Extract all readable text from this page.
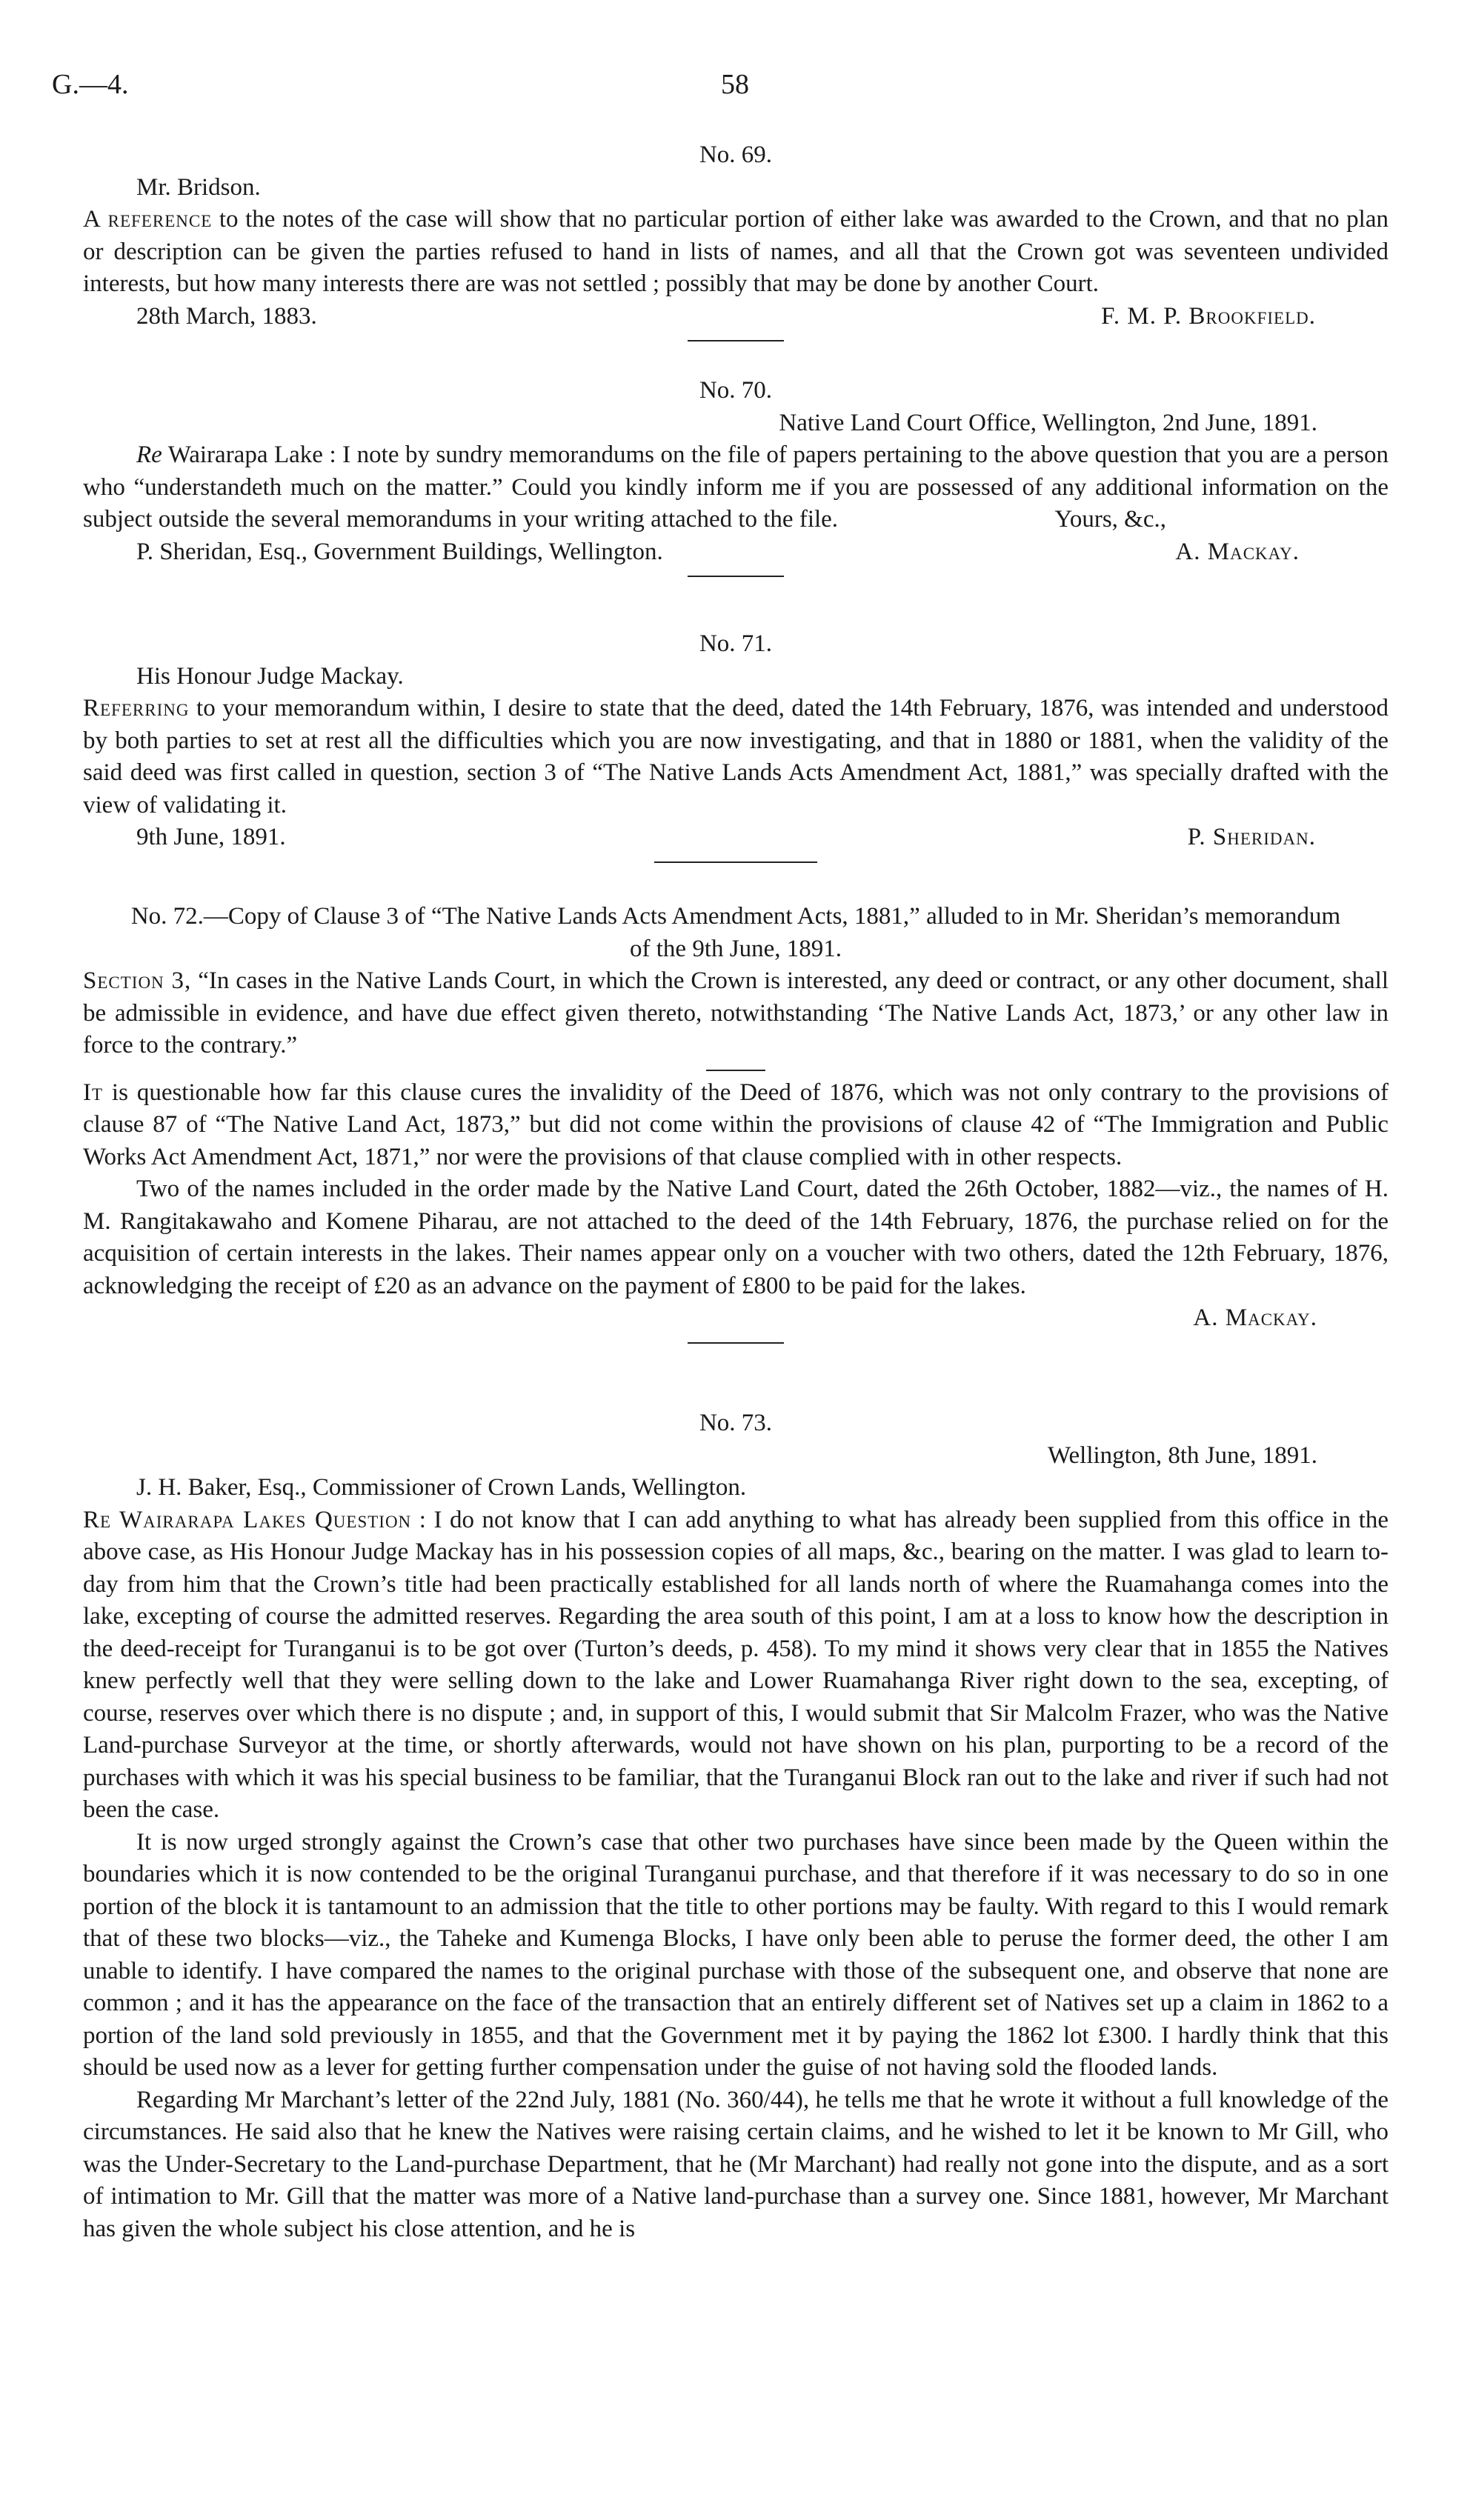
G.—4.	58

No. 69.

Mr. Bridson.

A reference to the notes of the case will show that no particular portion of either lake was awarded to the Crown, and that no plan or description can be given the parties refused to hand in lists of names, and all that the Crown got was seventeen undivided interests, but how many interests there are was not settled ; possibly that may be done by another Court.

28th March, 1883.	F. M. P. Brookfield.

No. 70.

Native Land Court Office, Wellington, 2nd June, 1891.

Re Wairarapa Lake : I note by sundry memorandums on the file of papers pertaining to the above question that you are a person who “understandeth much on the matter.” Could you kindly inform me if you are possessed of any additional information on the subject outside the several memorandums in your writing attached to the file.	Yours, &c.,

P. Sheridan, Esq., Government Buildings, Wellington.	A. Mackay.

No. 71.

His Honour Judge Mackay.

Referring to your memorandum within, I desire to state that the deed, dated the 14th February, 1876, was intended and understood by both parties to set at rest all the difficulties which you are now investigating, and that in 1880 or 1881, when the validity of the said deed was first called in question, section 3 of “The Native Lands Acts Amendment Act, 1881,” was specially drafted with the view of validating it.

9th June, 1891.	P. Sheridan.

No. 72.—Copy of Clause 3 of “The Native Lands Acts Amendment Acts, 1881,” alluded to in Mr. Sheridan’s memorandum of the 9th June, 1891.

Section 3, “In cases in the Native Lands Court, in which the Crown is interested, any deed or contract, or any other document, shall be admissible in evidence, and have due effect given thereto, notwithstanding ‘The Native Lands Act, 1873,’ or any other law in force to the contrary.”

It is questionable how far this clause cures the invalidity of the Deed of 1876, which was not only contrary to the provisions of clause 87 of “The Native Land Act, 1873,” but did not come within the provisions of clause 42 of “The Immigration and Public Works Act Amendment Act, 1871,” nor were the provisions of that clause complied with in other respects.

Two of the names included in the order made by the Native Land Court, dated the 26th October, 1882—viz., the names of H. M. Rangitakawaho and Komene Piharau, are not attached to the deed of the 14th February, 1876, the purchase relied on for the acquisition of certain interests in the lakes. Their names appear only on a voucher with two others, dated the 12th February, 1876, acknowledging the receipt of £20 as an advance on the payment of £800 to be paid for the lakes.

A. Mackay.

No. 73.

Wellington, 8th June, 1891.

J. H. Baker, Esq., Commissioner of Crown Lands, Wellington.

Re Wairarapa Lakes Question : I do not know that I can add anything to what has already been supplied from this office in the above case, as His Honour Judge Mackay has in his possession copies of all maps, &c., bearing on the matter. I was glad to learn to-day from him that the Crown’s title had been practically established for all lands north of where the Ruamahanga comes into the lake, excepting of course the admitted reserves. Regarding the area south of this point, I am at a loss to know how the description in the deed-receipt for Turanganui is to be got over (Turton’s deeds, p. 458). To my mind it shows very clear that in 1855 the Natives knew perfectly well that they were selling down to the lake and Lower Ruamahanga River right down to the sea, excepting, of course, reserves over which there is no dispute ; and, in support of this, I would submit that Sir Malcolm Frazer, who was the Native Land-purchase Surveyor at the time, or shortly afterwards, would not have shown on his plan, purporting to be a record of the purchases with which it was his special business to be familiar, that the Turanganui Block ran out to the lake and river if such had not been the case.

It is now urged strongly against the Crown’s case that other two purchases have since been made by the Queen within the boundaries which it is now contended to be the original Turanganui purchase, and that therefore if it was necessary to do so in one portion of the block it is tantamount to an admission that the title to other portions may be faulty. With regard to this I would remark that of these two blocks—viz., the Taheke and Kumenga Blocks, I have only been able to peruse the former deed, the other I am unable to identify. I have compared the names to the original purchase with those of the subsequent one, and observe that none are common ; and it has the appearance on the face of the transaction that an entirely different set of Natives set up a claim in 1862 to a portion of the land sold previously in 1855, and that the Government met it by paying the 1862 lot £300. I hardly think that this should be used now as a lever for getting further compensation under the guise of not having sold the flooded lands.

Regarding Mr Marchant’s letter of the 22nd July, 1881 (No. 360/44), he tells me that he wrote it without a full knowledge of the circumstances. He said also that he knew the Natives were raising certain claims, and he wished to let it be known to Mr Gill, who was the Under-Secretary to the Land-purchase Department, that he (Mr Marchant) had really not gone into the dispute, and as a sort of intimation to Mr. Gill that the matter was more of a Native land-purchase than a survey one. Since 1881, however, Mr Marchant has given the whole subject his close attention, and he is
